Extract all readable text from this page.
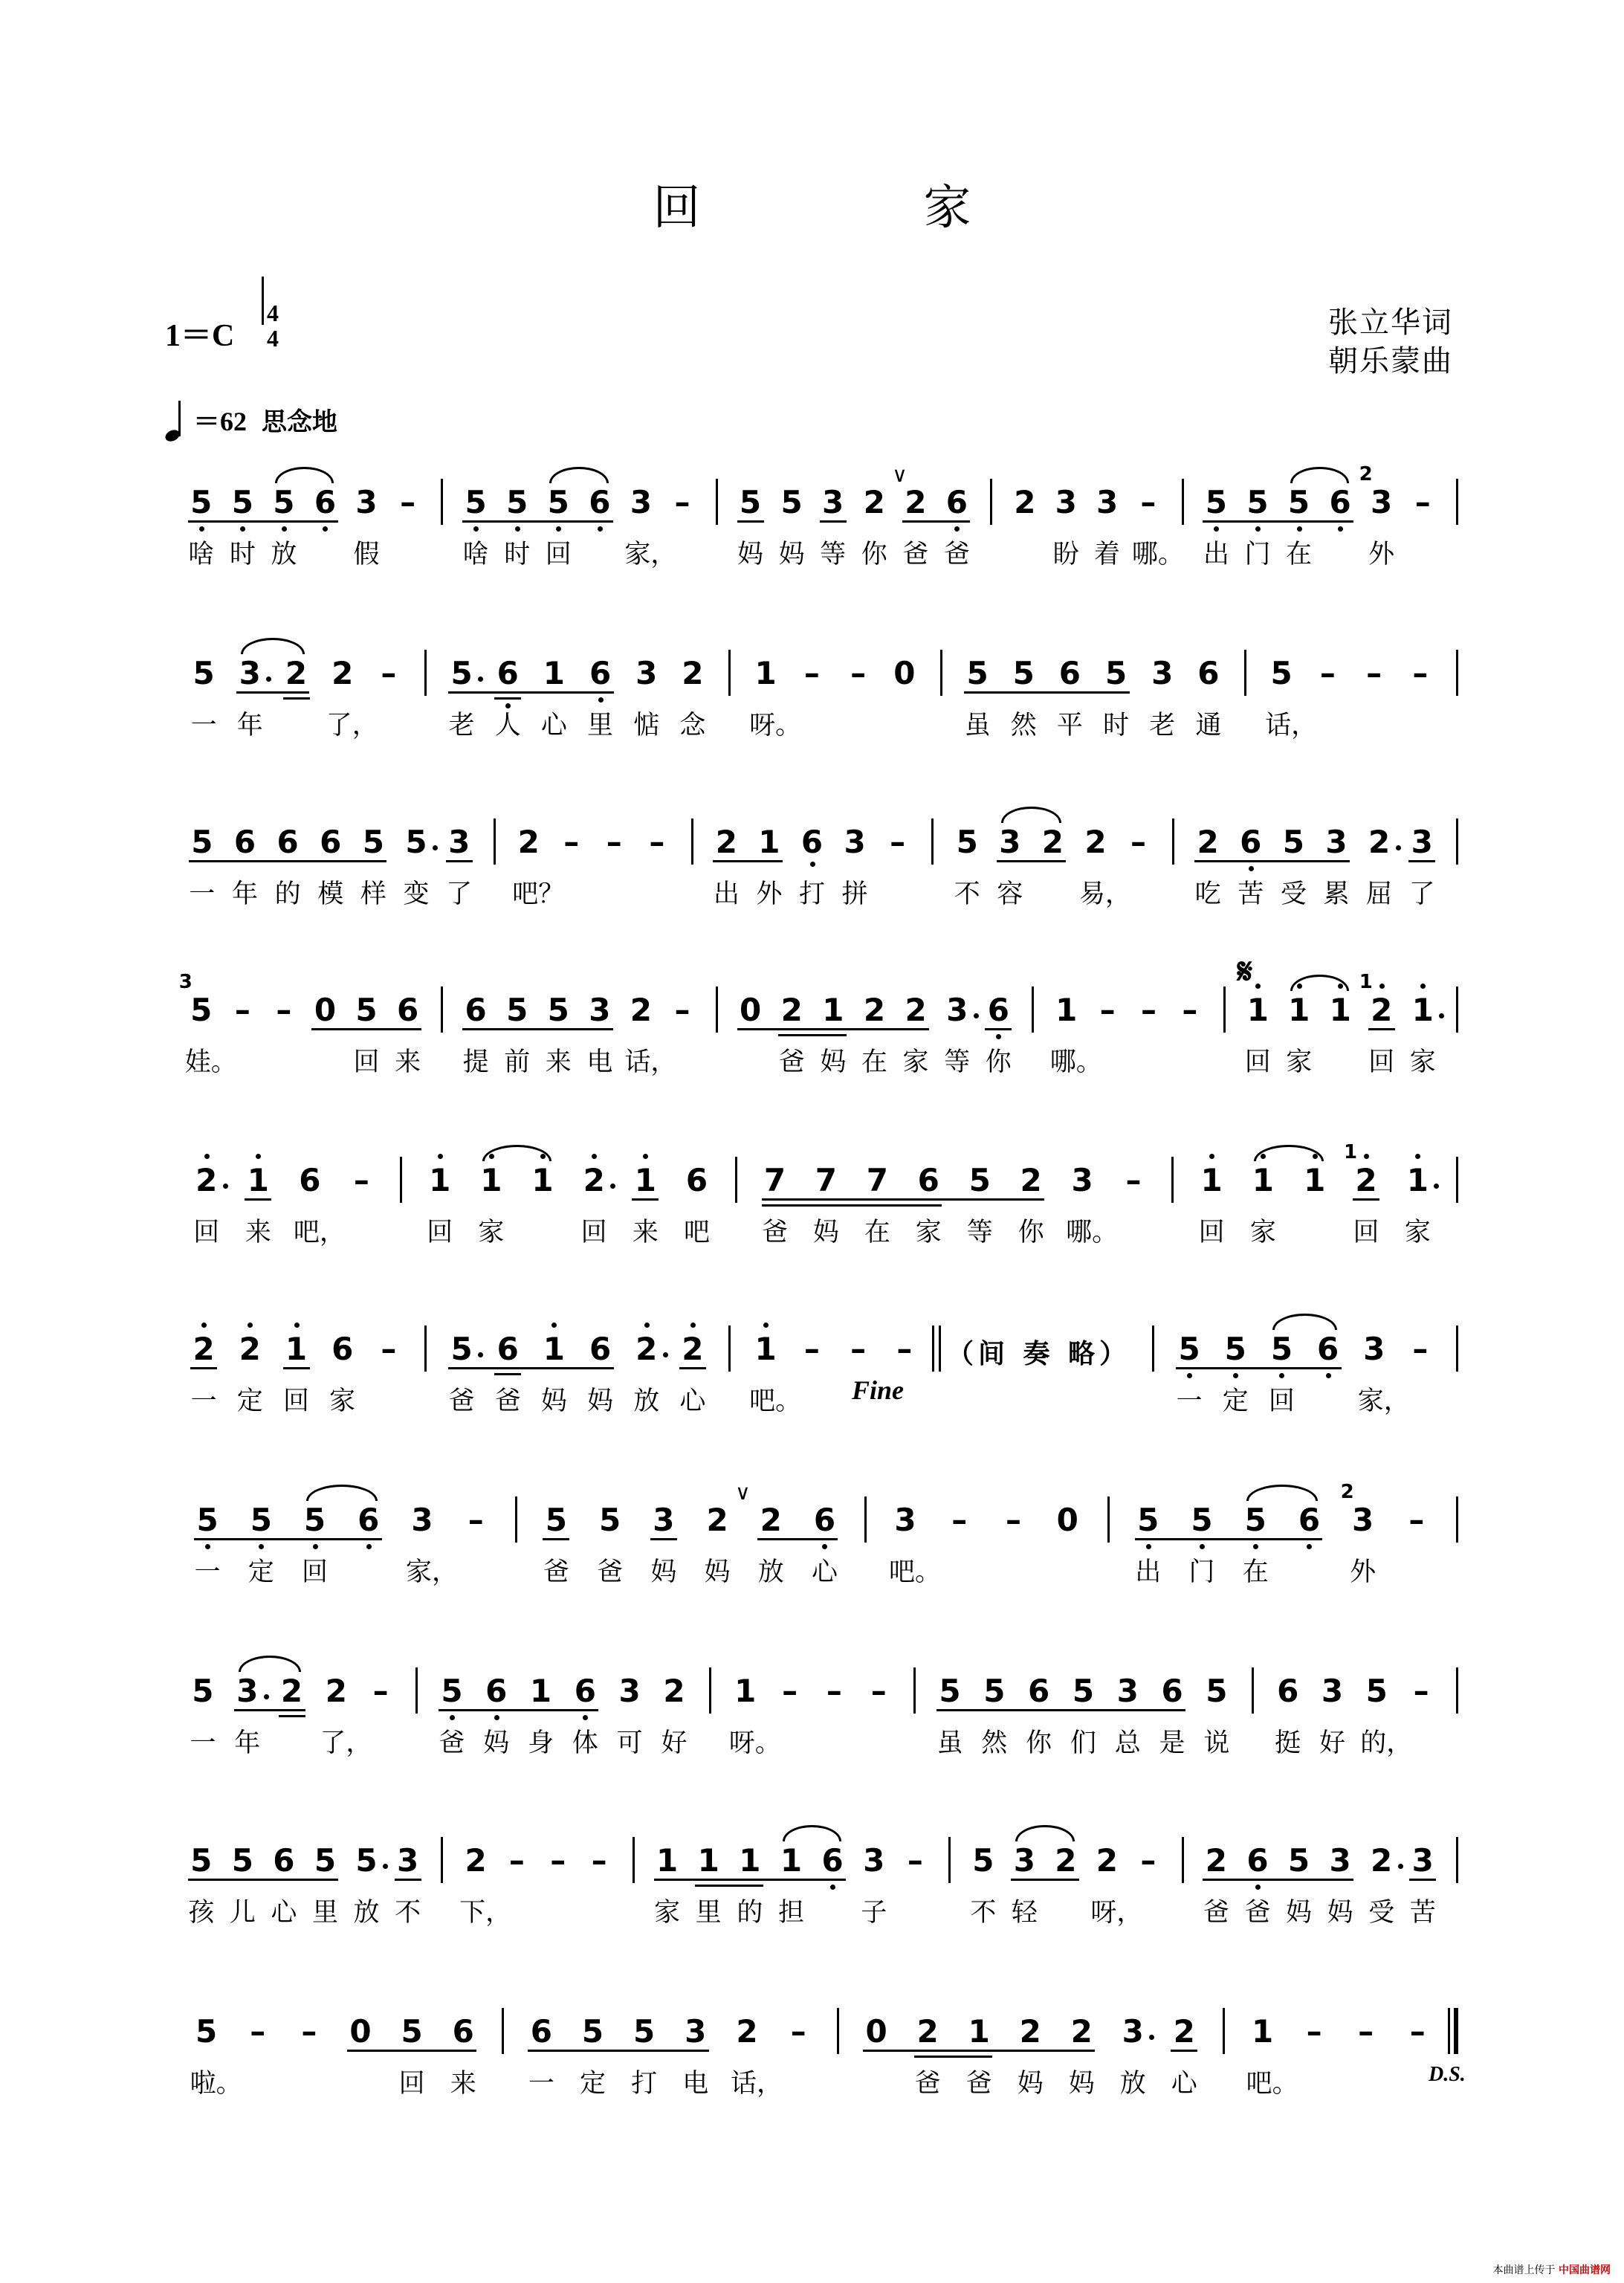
回家
1＝C
4
4	张立华词
朝乐蒙曲
＝62 思念地
5
啥
5
时
5
放
6 3
假
– 5
啥
5
时
5
回
6 3
家，
– 5
妈
5
妈
3
等
2
∨
你
2
爸
6
爸
2 3
盼
3
着
–
哪。
5
出
5
门
5
在
6 3
2
外
–
5
一
3
年
2 2
了，
– 5
老
6
人
1
心
6
里
3
惦
2
念
1
呀。
– – 0 5
虽
5
然
6
平
5
时
3
老
6
通
5
话，
– – –
5
一
6
年
6
的
6
模
5
样
5
变
3
了
2
吧？
– – – 2
出
1
外
6
打
3
拼
– 5
不
3
容
2 2
易，
– 2
吃
6
苦
5
受
3
累
2
屈
3
了
5
3
娃。
– – 0 5
回
6
来
6
提
5
前
5
来
3
电
2
话，
– 0 2
爸
1
妈
2
在
2
家
3
等
6
你
1
哪。
– – –
𝄋
1
回
1
家
1 2
1
回
1
家
2
回
1
来
6
吧，
– 1
回
1
家
1 2
回
1
来
6
吧
7
爸
7
妈
7
在
6
家
5
等
2
你
3
哪。
– 1
回
1
家
1 2
1
回
1
家
2
一
2
定
1
回
6
家
– 5
爸
6
爸
1
妈
6
妈
2
放
2
心
1
吧。
– – –
Fine
（间 奏 略） 5
一
5
定
5
回
6 3
家，
–
5
一
5
定
5
回
6 3
家，
– 5
爸
5
爸
3
妈
2
∨
妈
2
放
6
心
3
吧。
– – 0 5
出
5
门
5
在
6 3
2
外
–
5
一
3
年
2 2
了，
– 5
爸
6
妈
1
身
6
体
3
可
2
好
1
呀。
– – – 5
虽
5
然
6
你
5
们
3
总
6
是
5
说
6
挺
3
好
5
的，
–
5
孩
5
儿
6
心
5
里
5
放
3
不
2
下，
– – – 1
家
1
里
1
的
1
担
6 3
子
– 5
不
3
轻
2 2
呀，
– 2
爸
6
爸
5
妈
3
妈
2
受
3
苦
5
啦。
– – 0 5
回
6
来
6
一
5
定
5
打
3
电
2
话，
– 0 2
爸
1
爸
2
妈
2
妈
3
放
2
心
1
吧。
– – –
D.S.
本曲谱上传于 中国曲谱网
